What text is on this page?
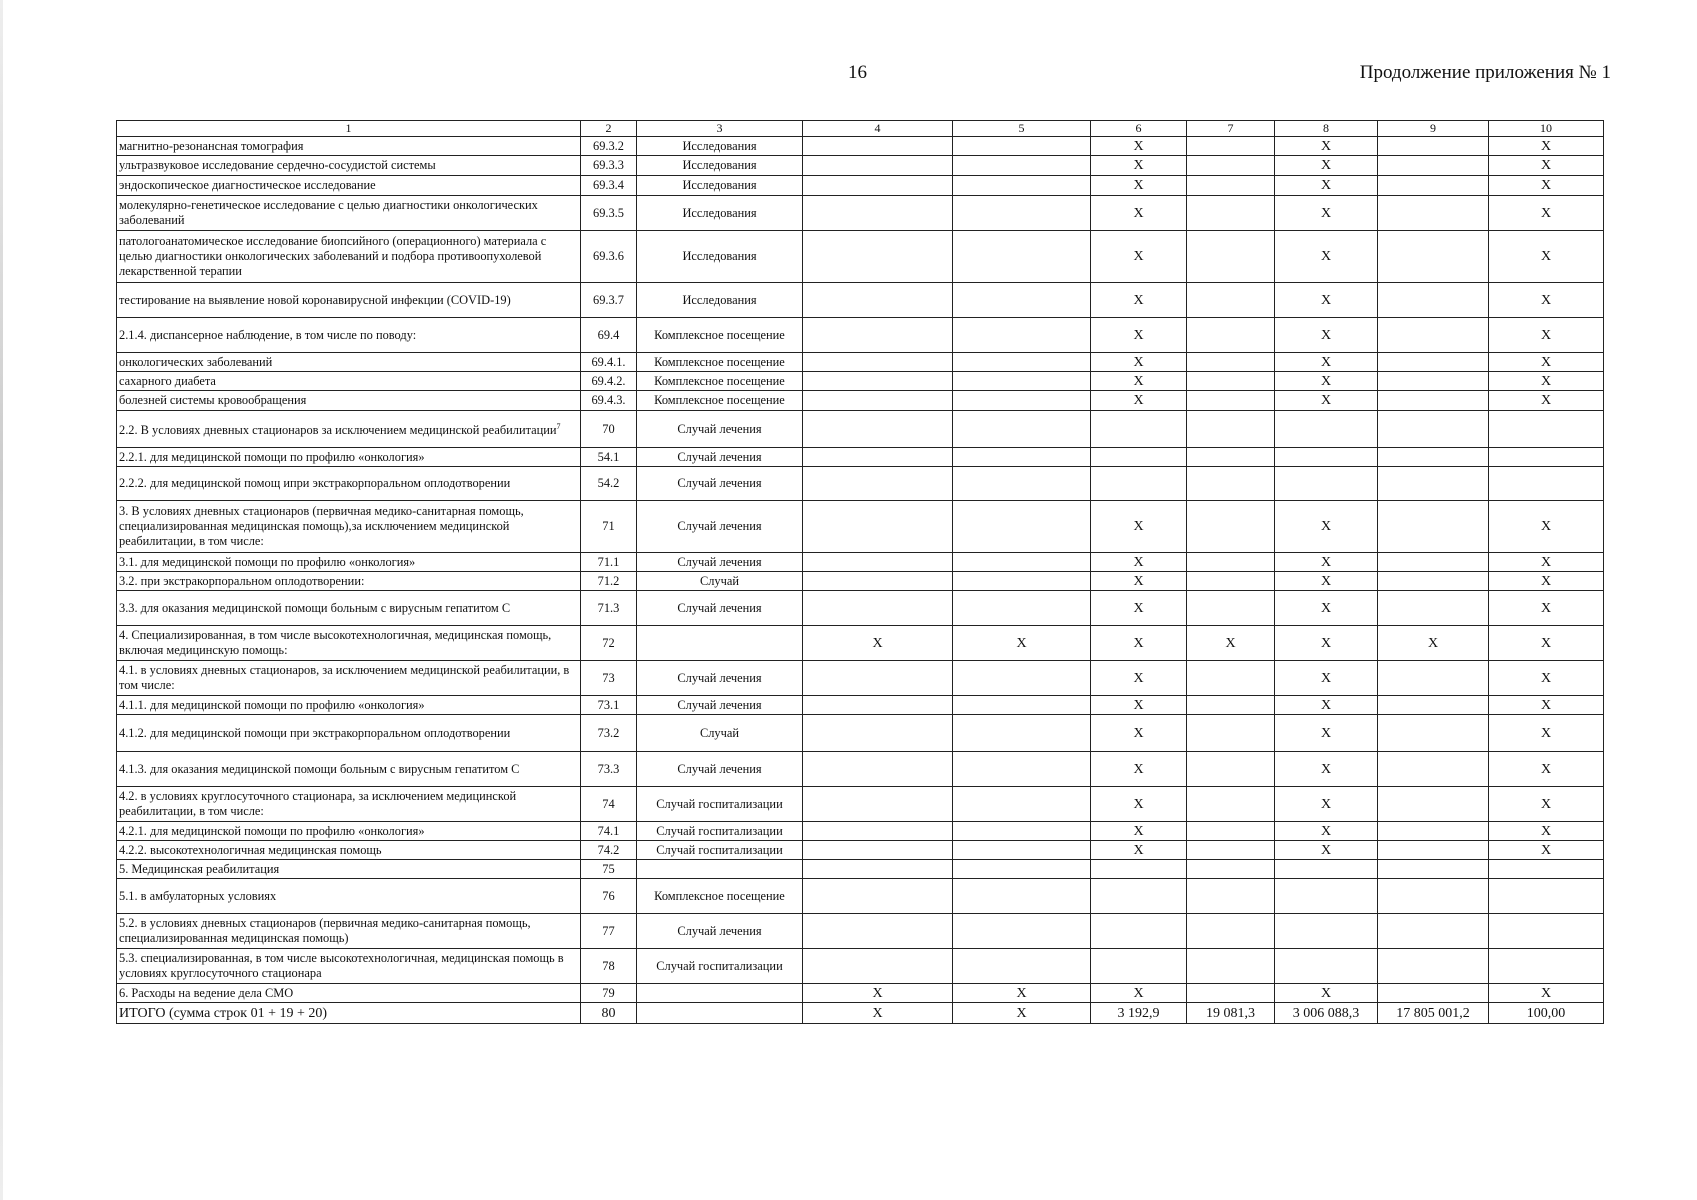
16	Продолжение приложения № 1
1	2	3	4	5	6	7	8	9	10
магнитно-резонансная томография	69.3.2	Исследования			X		X		X
ультразвуковое исследование сердечно-сосудистой системы	69.3.3	Исследования			X		X		X
эндоскопическое диагностическое исследование	69.3.4	Исследования			X		X		X
молекулярно-генетическое исследование с целью диагностики онкологических заболеваний	69.3.5	Исследования			X		X		X
патологоанатомическое исследование биопсийного (операционного) материала с целью диагностики онкологических заболеваний и подбора противоопухолевой лекарственной терапии	69.3.6	Исследования			X		X		X
тестирование на выявление новой коронавирусной инфекции (COVID-19)	69.3.7	Исследования			X		X		X
2.1.4. диспансерное наблюдение, в том числе по поводу:	69.4	Комплексное посещение			X		X		X
онкологических заболеваний	69.4.1.	Комплексное посещение			X		X		X
сахарного диабета	69.4.2.	Комплексное посещение			X		X		X
болезней системы кровообращения	69.4.3.	Комплексное посещение			X		X		X
2.2. В условиях дневных стационаров за исключением медицинской реабилитации$^7$	70	Случай лечения							
2.2.1. для медицинской помощи по профилю «онкология»	54.1	Случай лечения							
2.2.2. для медицинской помощ ипри экстракорпоральном оплодотворении	54.2	Случай лечения							
3. В условиях дневных стационаров (первичная медико-санитарная помощь, специализированная медицинская помощь),за исключением медицинской реабилитации, в том числе:	71	Случай лечения			X		X		X
3.1. для медицинской помощи по профилю «онкология»	71.1	Случай лечения			X		X		X
3.2. при экстракорпоральном оплодотворении:	71.2	Случай			X		X		X
3.3. для оказания медицинской помощи больным с вирусным гепатитом С	71.3	Случай лечения			X		X		X
4. Специализированная, в том числе высокотехнологичная, медицинская помощь, включая медицинскую помощь:	72		X	X	X	X	X	X	X
4.1. в условиях дневных стационаров, за исключением медицинской реабилитации, в том числе:	73	Случай лечения			X		X		X
4.1.1. для медицинской помощи по профилю «онкология»	73.1	Случай лечения			X		X		X
4.1.2. для медицинской помощи при экстракорпоральном оплодотворении	73.2	Случай			X		X		X
4.1.3. для оказания медицинской помощи больным с вирусным гепатитом С	73.3	Случай лечения			X		X		X
4.2. в условиях круглосуточного стационара, за исключением медицинской реабилитации, в том числе:	74	Случай госпитализации			X		X		X
4.2.1. для медицинской помощи по профилю «онкология»	74.1	Случай госпитализации			X		X		X
4.2.2. высокотехнологичная медицинская помощь	74.2	Случай госпитализации			X		X		X
5. Медицинская реабилитация	75								
5.1. в амбулаторных условиях	76	Комплексное посещение							
5.2. в условиях дневных стационаров (первичная медико-санитарная помощь, специализированная медицинская помощь)	77	Случай лечения							
5.3. специализированная, в том числе высокотехнологичная, медицинская помощь в условиях круглосуточного стационара	78	Случай госпитализации							
6. Расходы на ведение дела СМО	79		X	X	X		X		X
ИТОГО (сумма строк 01 + 19 + 20)	80		X	X	3 192,9	19 081,3	3 006 088,3	17 805 001,2	100,00
